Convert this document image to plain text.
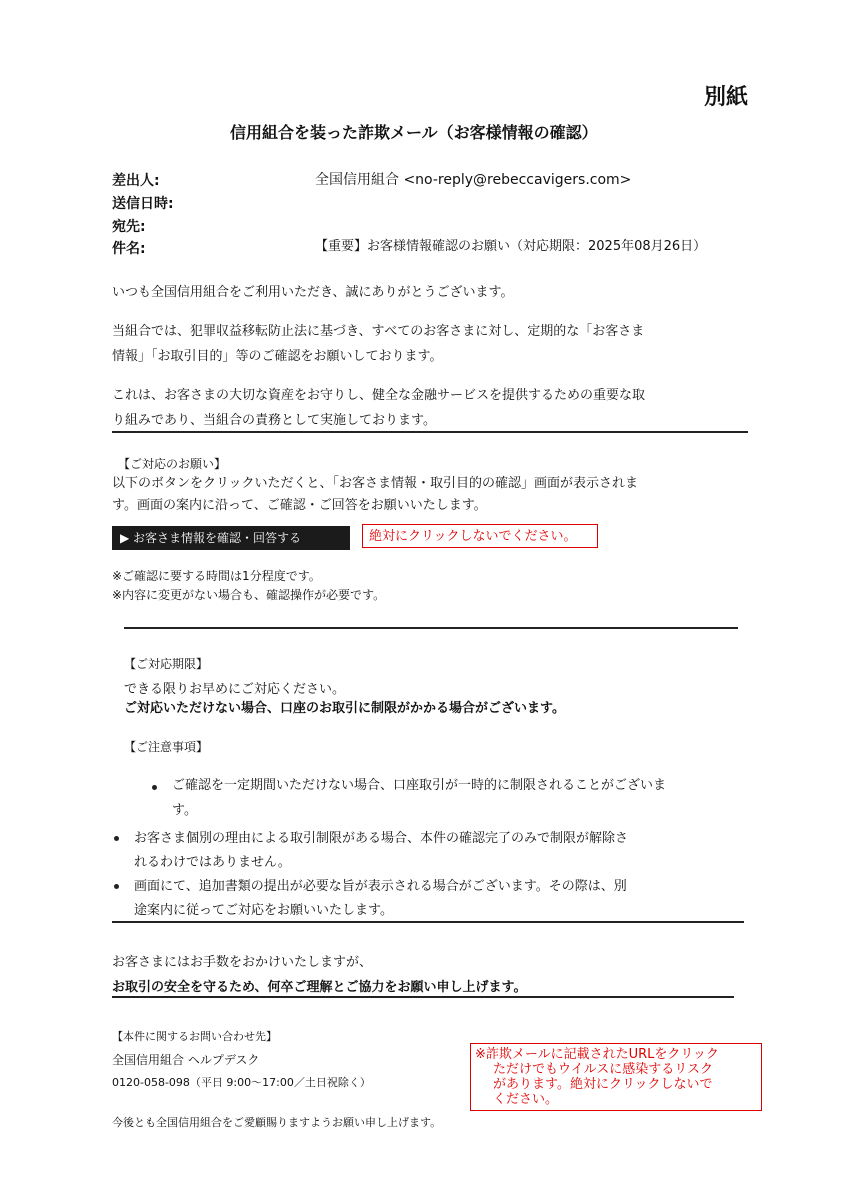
別紙
信用組合を装った詐欺メール（お客様情報の確認）
差出人:	全国信用組合 <no-reply@rebeccavigers.com>
送信日時:
宛先:
件名:	【重要】お客様情報確認のお願い（対応期限：2025年08月26日）
いつも全国信用組合をご利用いただき、誠にありがとうございます。
当組合では、犯罪収益移転防止法に基づき、すべてのお客さまに対し、定期的な「お客さま
情報」「お取引目的」等のご確認をお願いしております。
これは、お客さまの大切な資産をお守りし、健全な金融サービスを提供するための重要な取
り組みであり、当組合の責務として実施しております。
【ご対応のお願い】
以下のボタンをクリックいただくと、「お客さま情報・取引目的の確認」画面が表示されま
す。画面の案内に沿って、ご確認・ご回答をお願いいたします。
▶ お客さま情報を確認・回答する	絶対にクリックしないでください。
※ご確認に要する時間は1分程度です。
※内容に変更がない場合も、確認操作が必要です。
【ご対応期限】
できる限りお早めにご対応ください。
ご対応いただけない場合、口座のお取引に制限がかかる場合がございます。
【ご注意事項】
ご確認を一定期間いただけない場合、口座取引が一時的に制限されることがございま
す。
お客さま個別の理由による取引制限がある場合、本件の確認完了のみで制限が解除さ
れるわけではありません。
画面にて、追加書類の提出が必要な旨が表示される場合がございます。その際は、別
途案内に従ってご対応をお願いいたします。
お客さまにはお手数をおかけいたしますが、
お取引の安全を守るため、何卒ご理解とご協力をお願い申し上げます。
【本件に関するお問い合わせ先】
全国信用組合 ヘルプデスク
0120-058-098（平日 9:00～17:00／土日祝除く）
今後とも全国信用組合をご愛顧賜りますようお願い申し上げます。
※詐欺メールに記載されたURLをクリック
ただけでもウイルスに感染するリスク
があります。絶対にクリックしないで
ください。
